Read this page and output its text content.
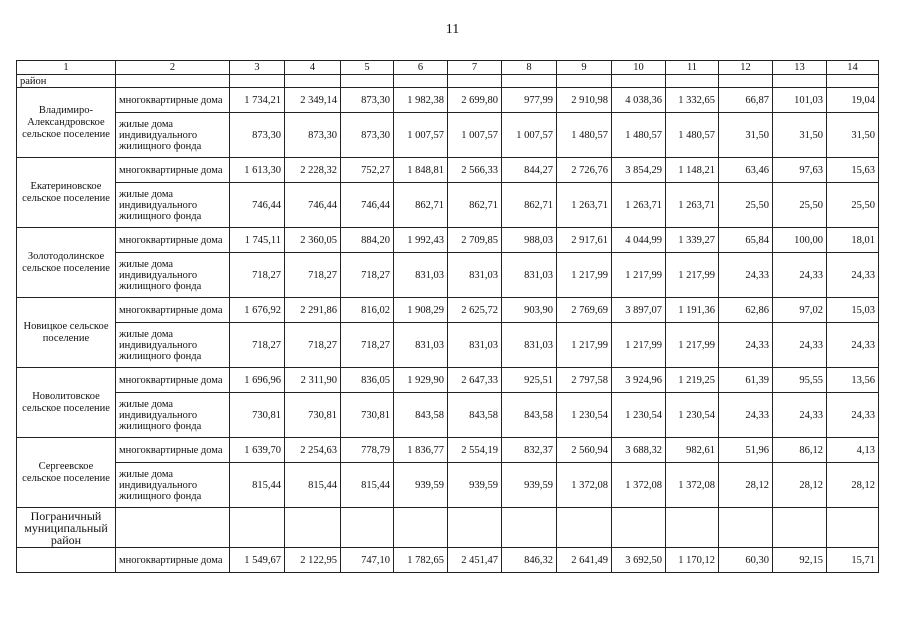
11
1	2	3	4	5	6	7	8	9	10	11	12	13	14
район													
Владимиро-Александровское сельское поселение	многоквартирные дома	1 734,21	2 349,14	873,30	1 982,38	2 699,80	977,99	2 910,98	4 038,36	1 332,65	66,87	101,03	19,04
	жилые дома индивидуального жилищного фонда	873,30	873,30	873,30	1 007,57	1 007,57	1 007,57	1 480,57	1 480,57	1 480,57	31,50	31,50	31,50
Екатериновское сельское поселение	многоквартирные дома	1 613,30	2 228,32	752,27	1 848,81	2 566,33	844,27	2 726,76	3 854,29	1 148,21	63,46	97,63	15,63
	жилые дома индивидуального жилищного фонда	746,44	746,44	746,44	862,71	862,71	862,71	1 263,71	1 263,71	1 263,71	25,50	25,50	25,50
Золотодолинское сельское поселение	многоквартирные дома	1 745,11	2 360,05	884,20	1 992,43	2 709,85	988,03	2 917,61	4 044,99	1 339,27	65,84	100,00	18,01
	жилые дома индивидуального жилищного фонда	718,27	718,27	718,27	831,03	831,03	831,03	1 217,99	1 217,99	1 217,99	24,33	24,33	24,33
Новицкое сельское поселение	многоквартирные дома	1 676,92	2 291,86	816,02	1 908,29	2 625,72	903,90	2 769,69	3 897,07	1 191,36	62,86	97,02	15,03
	жилые дома индивидуального жилищного фонда	718,27	718,27	718,27	831,03	831,03	831,03	1 217,99	1 217,99	1 217,99	24,33	24,33	24,33
Новолитовское сельское поселение	многоквартирные дома	1 696,96	2 311,90	836,05	1 929,90	2 647,33	925,51	2 797,58	3 924,96	1 219,25	61,39	95,55	13,56
	жилые дома индивидуального жилищного фонда	730,81	730,81	730,81	843,58	843,58	843,58	1 230,54	1 230,54	1 230,54	24,33	24,33	24,33
Сергеевское сельское поселение	многоквартирные дома	1 639,70	2 254,63	778,79	1 836,77	2 554,19	832,37	2 560,94	3 688,32	982,61	51,96	86,12	4,13
	жилые дома индивидуального жилищного фонда	815,44	815,44	815,44	939,59	939,59	939,59	1 372,08	1 372,08	1 372,08	28,12	28,12	28,12
Пограничный муниципальный район													
	многоквартирные дома	1 549,67	2 122,95	747,10	1 782,65	2 451,47	846,32	2 641,49	3 692,50	1 170,12	60,30	92,15	15,71
